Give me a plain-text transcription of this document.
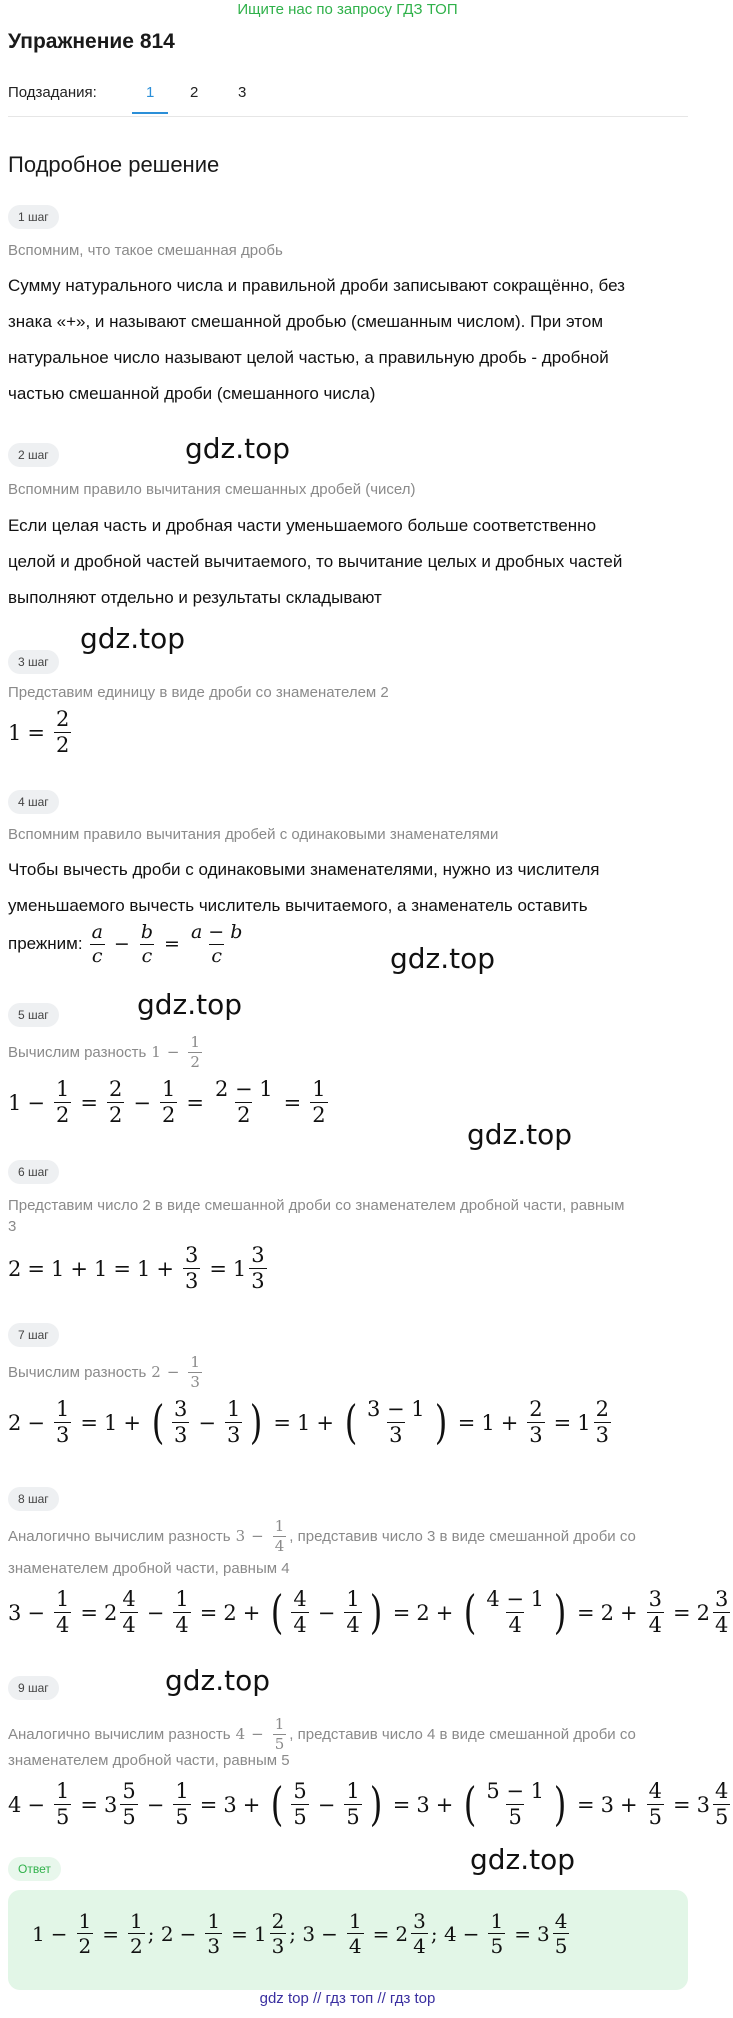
Ищите нас по запросу ГДЗ ТОП
Упражнение 814
Подзадания:	1 2	3
Подробное решение
1 шаг
Вспомним, что такое смешанная дробь
Сумму натурального числа и правильной дроби записывают сокращённо, без
знака «+», и называют смешанной дробью (смешанным числом). При этом
натуральное число называют целой частью, а правильную дробь - дробной
частью смешанной дроби (смешанного числа)
2 шаг	gdz.top
Вспомним правило вычитания смешанных дробей (чисел)
Если целая часть и дробная части уменьшаемого больше соответственно
целой и дробной частей вычитаемого, то вычитание целых и дробных частей
выполняют отдельно и результаты складывают
gdz.top
3 шаг
Представим единицу в виде дроби со знаменателем 2
$1 = \frac{2}{2}$
4 шаг
Вспомним правило вычитания дробей с одинаковыми знаменателями
Чтобы вычесть дроби с одинаковыми знаменателями, нужно из числителя
уменьшаемого вычесть числитель вычитаемого, а знаменатель оставить
прежним: $\frac{a}{c} - \frac{b}{c} = \frac{a - b}{c}$	gdz.top
gdz.top
5 шаг
Вычислим разность $1 - \frac{1}{2}$
$1 - \frac{1}{2} = \frac{2}{2} - \frac{1}{2} = \frac{2 - 1}{2} = \frac{1}{2}$
gdz.top
6 шаг
Представим число 2 в виде смешанной дроби со знаменателем дробной части, равным
3
$2 = 1 + 1 = 1 + \frac{3}{3} = 1 \frac{3}{3}$
7 шаг
Вычислим разность $2 - \frac{1}{3}$
$2 - \frac{1}{3} = 1$ + ( $\frac{3}{3} - \frac{1}{3}$ ) = 1 + ( $\frac{3 - 1}{3}$ ) = $1 + \frac{2}{3} = 1 \frac{2}{3}$
8 шаг
Аналогично вычислим разность $3 - \frac{1}{4}$ , представив число 3 в виде смешанной дроби со
знаменателем дробной части, равным 4
$3 - \frac{1}{4} = 2 \frac{4}{4} - \frac{1}{4} = 2$ + ( $\frac{4}{4} - \frac{1}{4}$ ) = 2 + ( $\frac{4 - 1}{4}$ ) = $2 + \frac{3}{4} = 2 \frac{3}{4}$
gdz.top
9 шаг
Аналогично вычислим разность $4 - \frac{1}{5}$ , представив число 4 в виде смешанной дроби со
знаменателем дробной части, равным 5
$4 - \frac{1}{5} = 3 \frac{5}{5} - \frac{1}{5} = 3$ + ( $\frac{5}{5} - \frac{1}{5}$ ) = 3 + ( $\frac{5 - 1}{5}$ ) = $3 + \frac{4}{5} = 3 \frac{4}{5}$
gdz.top
Ответ
$1 - \frac{1}{2} = \frac{1}{2}$ ; $2 - \frac{1}{3} = 1 \frac{2}{3}$ ; $3 - \frac{1}{4} = 2 \frac{3}{4}$ ; $4 - \frac{1}{5} = 3 \frac{4}{5}$
gdz top // гдз топ // гдз top
